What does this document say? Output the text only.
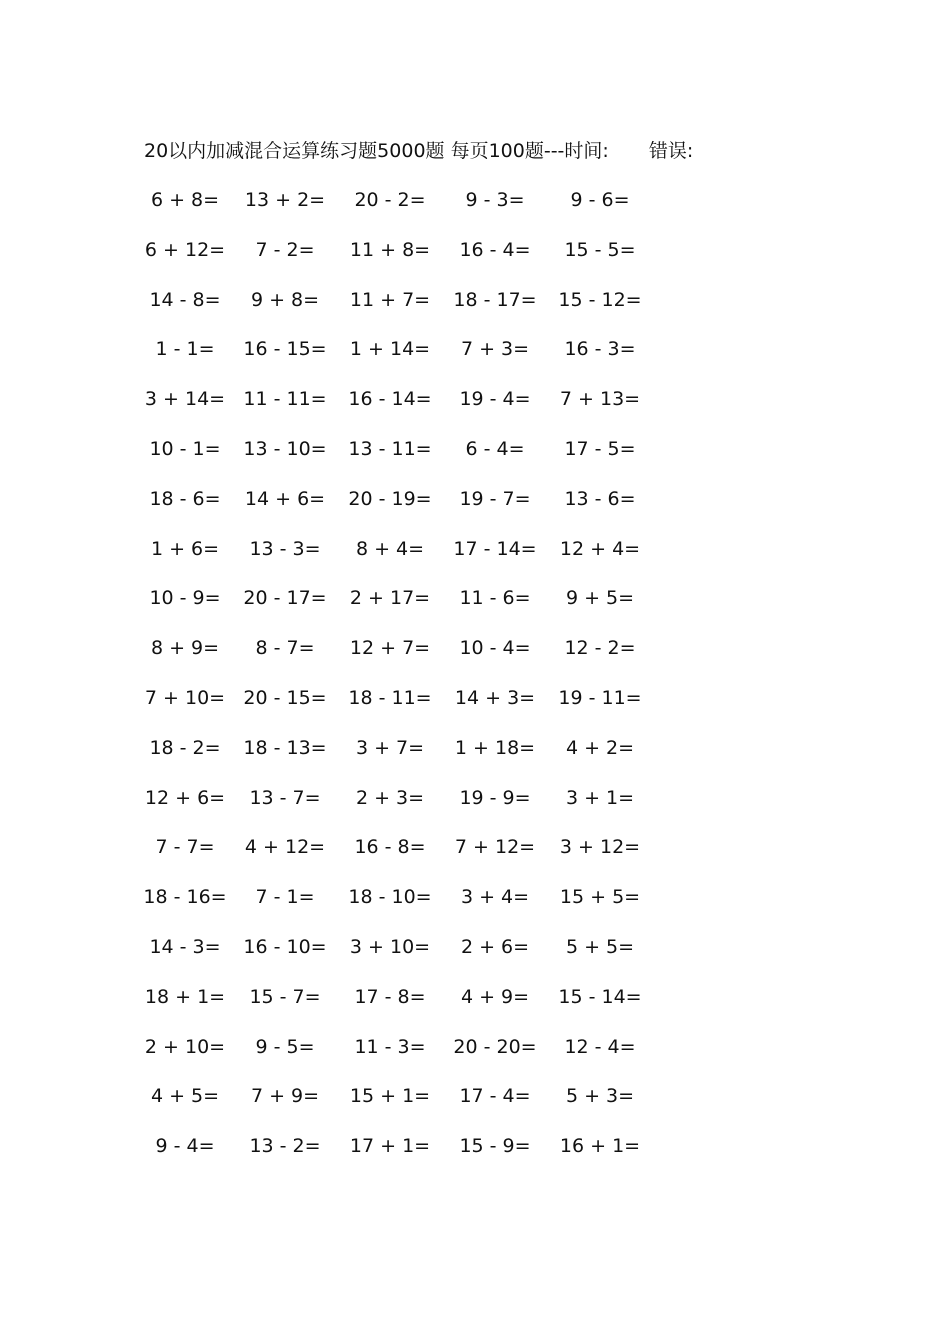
20以内加减混合运算练习题5000题 每页100题---时间: 错误:
6 + 8= 13 + 2= 20 - 2= 9 - 3= 9 - 6=
6 + 12= 7 - 2= 11 + 8= 16 - 4= 15 - 5=
14 - 8= 9 + 8= 11 + 7= 18 - 17= 15 - 12=
1 - 1= 16 - 15= 1 + 14= 7 + 3= 16 - 3=
3 + 14= 11 - 11= 16 - 14= 19 - 4= 7 + 13=
10 - 1= 13 - 10= 13 - 11= 6 - 4= 17 - 5=
18 - 6= 14 + 6= 20 - 19= 19 - 7= 13 - 6=
1 + 6= 13 - 3= 8 + 4= 17 - 14= 12 + 4=
10 - 9= 20 - 17= 2 + 17= 11 - 6= 9 + 5=
8 + 9= 8 - 7= 12 + 7= 10 - 4= 12 - 2=
7 + 10= 20 - 15= 18 - 11= 14 + 3= 19 - 11=
18 - 2= 18 - 13= 3 + 7= 1 + 18= 4 + 2=
12 + 6= 13 - 7= 2 + 3= 19 - 9= 3 + 1=
7 - 7= 4 + 12= 16 - 8= 7 + 12= 3 + 12=
18 - 16= 7 - 1= 18 - 10= 3 + 4= 15 + 5=
14 - 3= 16 - 10= 3 + 10= 2 + 6= 5 + 5=
18 + 1= 15 - 7= 17 - 8= 4 + 9= 15 - 14=
2 + 10= 9 - 5= 11 - 3= 20 - 20= 12 - 4=
4 + 5= 7 + 9= 15 + 1= 17 - 4= 5 + 3=
9 - 4= 13 - 2= 17 + 1= 15 - 9= 16 + 1=
